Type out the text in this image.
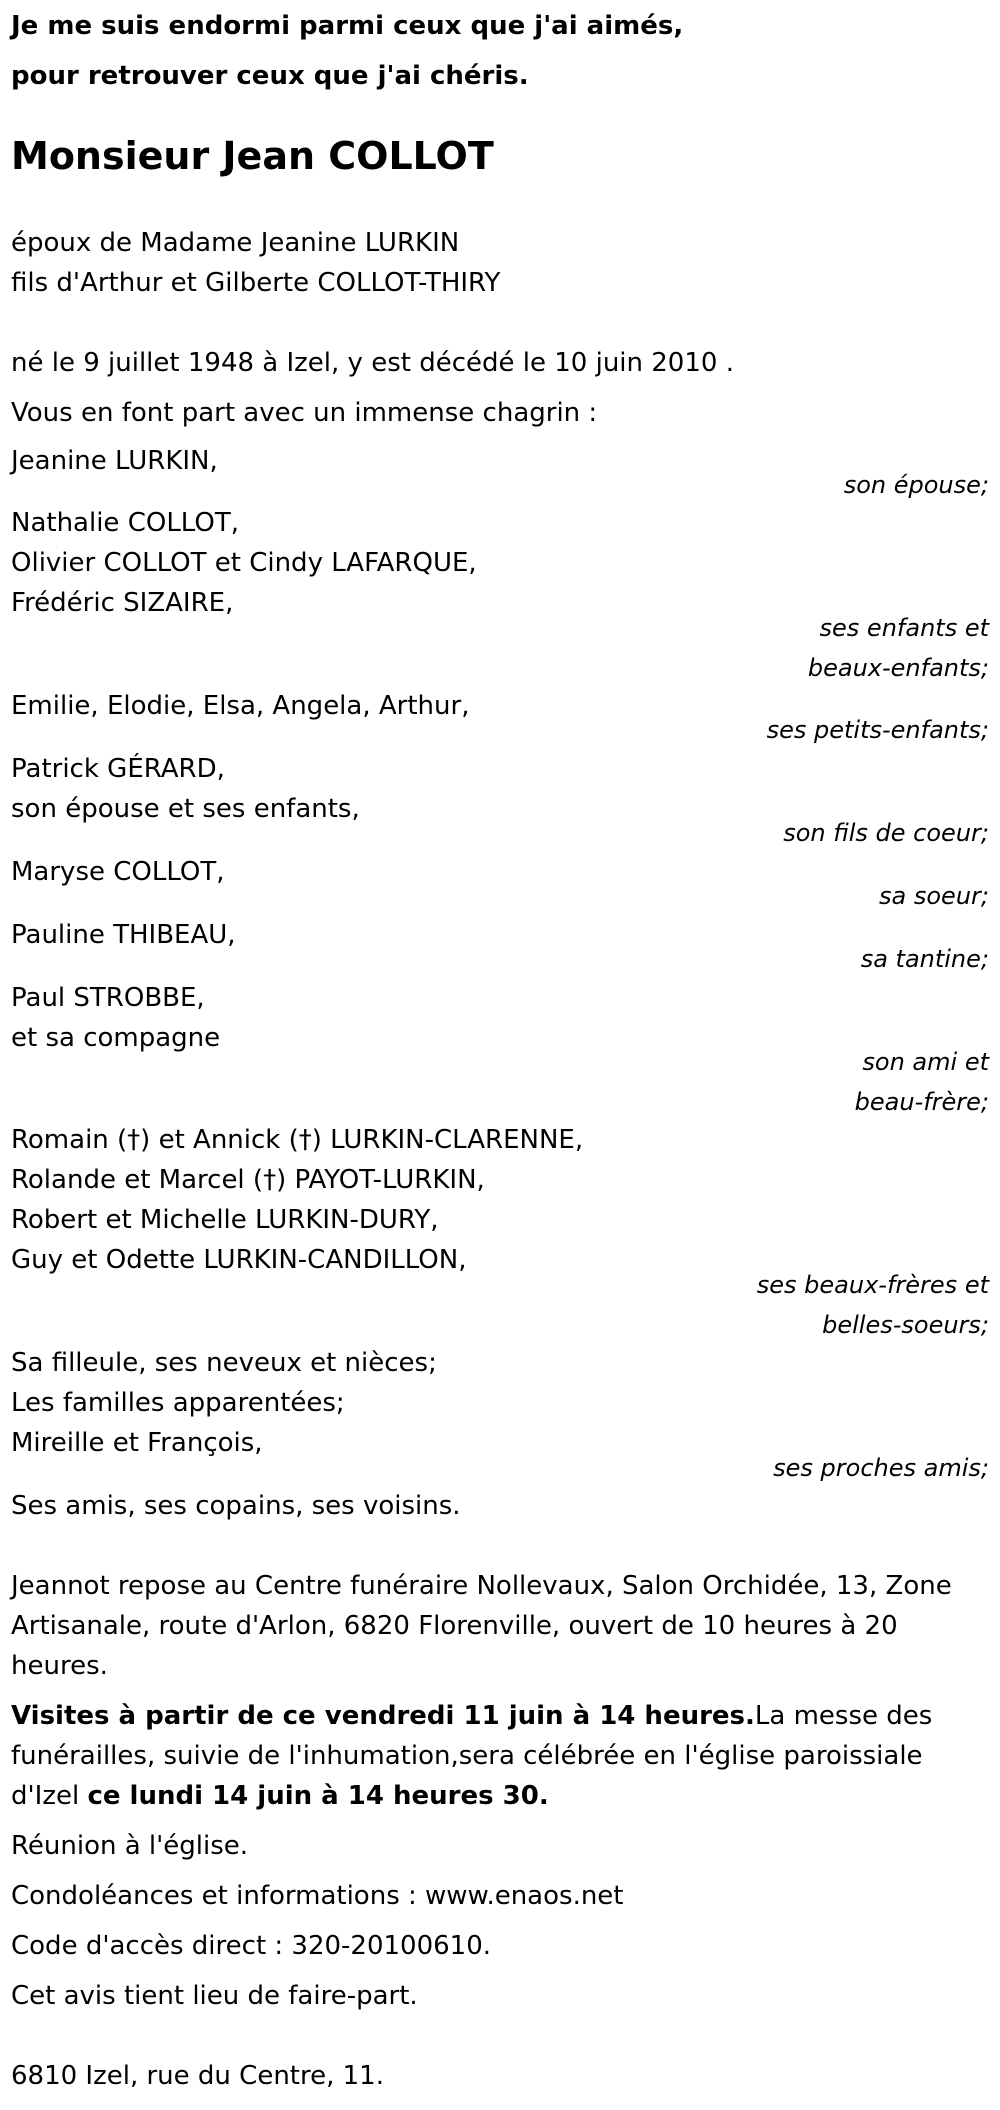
Je me suis endormi parmi ceux que j'ai aimés,
pour retrouver ceux que j'ai chéris.
Monsieur Jean COLLOT
époux de Madame Jeanine LURKIN
fils d'Arthur et Gilberte COLLOT-THIRY
né le 9 juillet 1948 à Izel, y est décédé le 10 juin 2010 .
Vous en font part avec un immense chagrin :
Jeanine LURKIN,
son épouse;
Nathalie COLLOT,
Olivier COLLOT et Cindy LAFARQUE,
Frédéric SIZAIRE,
ses enfants et
beaux-enfants;
Emilie, Elodie, Elsa, Angela, Arthur,
ses petits-enfants;
Patrick GÉRARD,
son épouse et ses enfants,
son fils de coeur;
Maryse COLLOT,
sa soeur;
Pauline THIBEAU,
sa tantine;
Paul STROBBE,
et sa compagne
son ami et
beau-frère;
Romain (†) et Annick (†) LURKIN-CLARENNE,
Rolande et Marcel (†) PAYOT-LURKIN,
Robert et Michelle LURKIN-DURY,
Guy et Odette LURKIN-CANDILLON,
ses beaux-frères et
belles-soeurs;
Sa filleule, ses neveux et nièces;
Les familles apparentées;
Mireille et François,
ses proches amis;
Ses amis, ses copains, ses voisins.
Jeannot repose au Centre funéraire Nollevaux, Salon Orchidée, 13, Zone
Artisanale, route d'Arlon, 6820 Florenville, ouvert de 10 heures à 20
heures.
Visites à partir de ce vendredi 11 juin à 14 heures.La messe des
funérailles, suivie de l'inhumation,sera célébrée en l'église paroissiale
d'Izel ce lundi 14 juin à 14 heures 30.
Réunion à l'église.
Condoléances et informations : www.enaos.net
Code d'accès direct : 320-20100610.
Cet avis tient lieu de faire-part.
6810 Izel, rue du Centre, 11.
